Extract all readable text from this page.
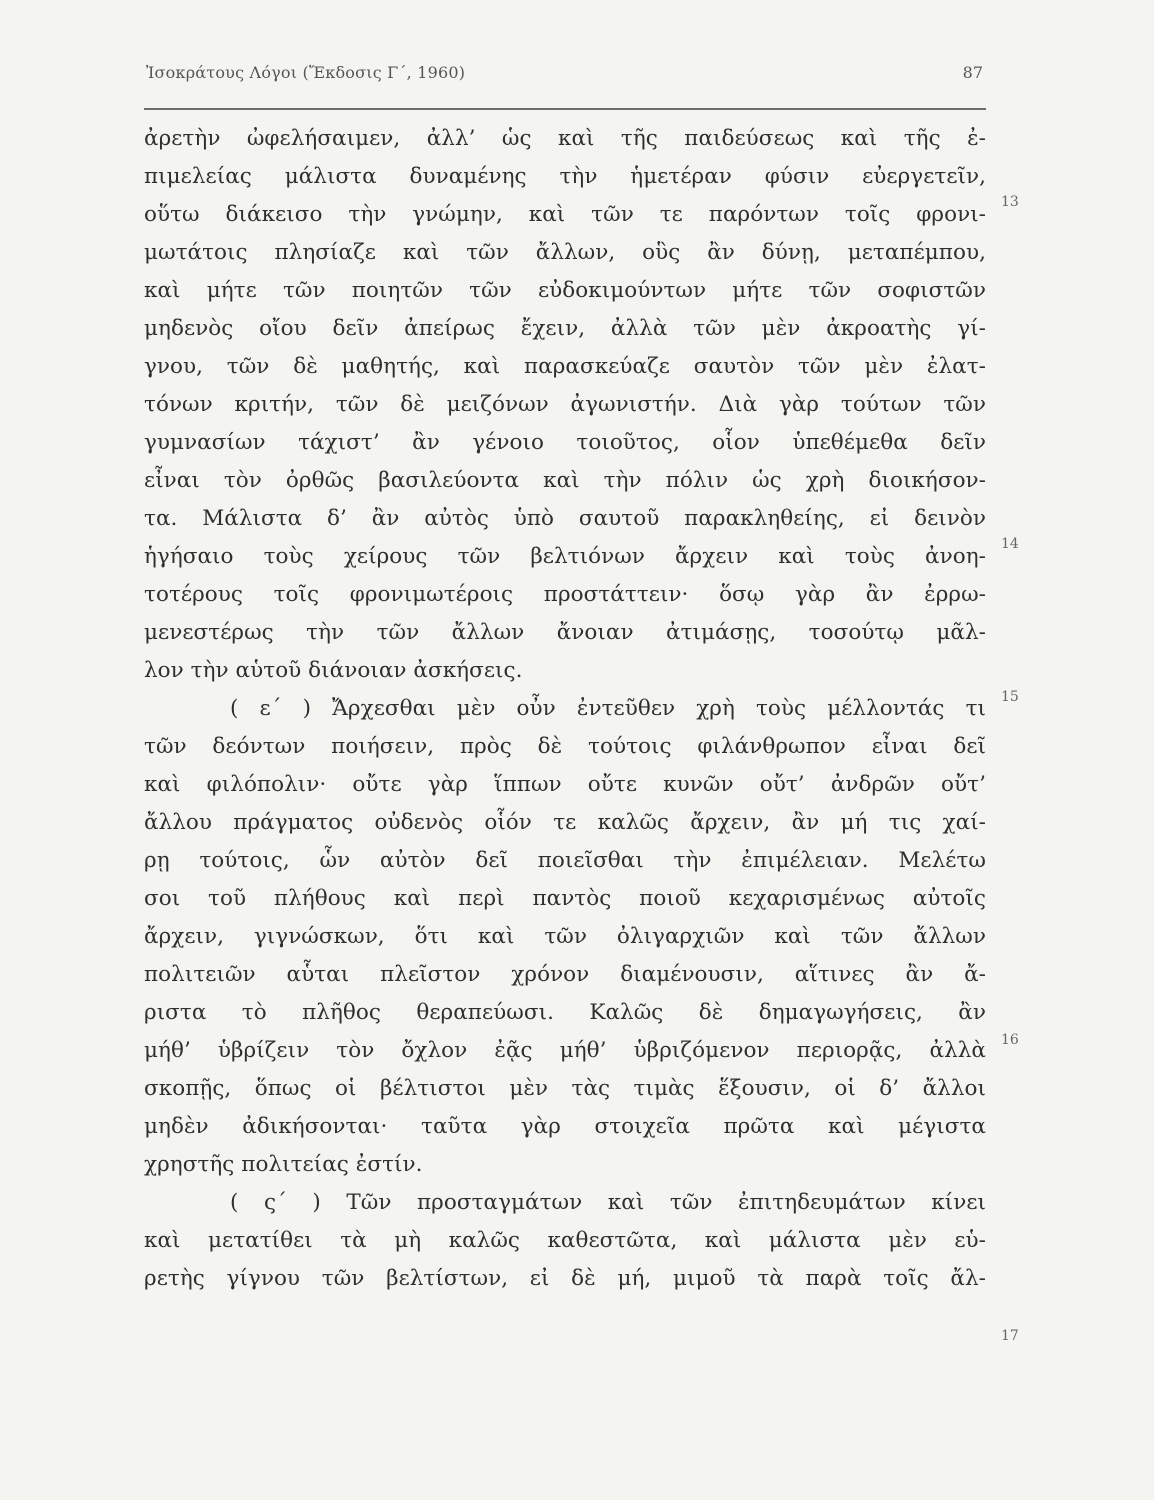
Ἰσοκράτους Λόγοι (Ἔκδοσις Γ΄, 1960)	87
ἀρετὴν ὠφελήσαιμεν, ἀλλ’ ὡς καὶ τῆς παιδεύσεως καὶ τῆς ἐ-
πιμελείας μάλιστα δυναμένης τὴν ἡμετέραν φύσιν εὐεργετεῖν,
οὕτω διάκεισο τὴν γνώμην, καὶ τῶν τε παρόντων τοῖς φρονι-
μωτάτοις πλησίαζε καὶ τῶν ἄλλων, οὓς ἂν δύνῃ, μεταπέμπου,
καὶ μήτε τῶν ποιητῶν τῶν εὐδοκιμούντων μήτε τῶν σοφιστῶν
μηδενὸς οἴου δεῖν ἀπείρως ἔχειν, ἀλλὰ τῶν μὲν ἀκροατὴς γί-
γνου, τῶν δὲ μαθητής, καὶ παρασκεύαζε σαυτὸν τῶν μὲν ἐλατ-
τόνων κριτήν, τῶν δὲ μειζόνων ἀγωνιστήν. Διὰ γὰρ τούτων τῶν
γυμνασίων τάχιστ’ ἂν γένοιο τοιοῦτος, οἷον ὑπεθέμεθα δεῖν
εἶναι τὸν ὀρθῶς βασιλεύοντα καὶ τὴν πόλιν ὡς χρὴ διοικήσον-
τα. Μάλιστα δ’ ἂν αὐτὸς ὑπὸ σαυτοῦ παρακληθείης, εἰ δεινὸν
ἡγήσαιο τοὺς χείρους τῶν βελτιόνων ἄρχειν καὶ τοὺς ἀνοη-
τοτέρους τοῖς φρονιμωτέροις προστάττειν· ὅσῳ γὰρ ἂν ἐρρω-
μενεστέρως τὴν τῶν ἄλλων ἄνοιαν ἀτιμάσῃς, τοσούτῳ μᾶλ-
λον τὴν αὑτοῦ διάνοιαν ἀσκήσεις.
( ε΄ ) Ἄρχεσθαι μὲν οὖν ἐντεῦθεν χρὴ τοὺς μέλλοντάς τι
τῶν δεόντων ποιήσειν, πρὸς δὲ τούτοις φιλάνθρωπον εἶναι δεῖ
καὶ φιλόπολιν· οὔτε γὰρ ἵππων οὔτε κυνῶν οὔτ’ ἀνδρῶν οὔτ’
ἄλλου πράγματος οὐδενὸς οἷόν τε καλῶς ἄρχειν, ἂν μή τις χαί-
ρῃ τούτοις, ὧν αὐτὸν δεῖ ποιεῖσθαι τὴν ἐπιμέλειαν. Μελέτω
σοι τοῦ πλήθους καὶ περὶ παντὸς ποιοῦ κεχαρισμένως αὐτοῖς
ἄρχειν, γιγνώσκων, ὅτι καὶ τῶν ὀλιγαρχιῶν καὶ τῶν ἄλλων
πολιτειῶν αὗται πλεῖστον χρόνον διαμένουσιν, αἵτινες ἂν ἄ-
ριστα τὸ πλῆθος θεραπεύωσι. Καλῶς δὲ δημαγωγήσεις, ἂν
μήθ’ ὑβρίζειν τὸν ὄχλον ἐᾷς μήθ’ ὑβριζόμενον περιορᾷς, ἀλλὰ
σκοπῇς, ὅπως οἱ βέλτιστοι μὲν τὰς τιμὰς ἕξουσιν, οἱ δ’ ἄλλοι
μηδὲν ἀδικήσονται· ταῦτα γὰρ στοιχεῖα πρῶτα καὶ μέγιστα
χρηστῆς πολιτείας ἐστίν.
( ς΄ ) Τῶν προσταγμάτων καὶ τῶν ἐπιτηδευμάτων κίνει
καὶ μετατίθει τὰ μὴ καλῶς καθεστῶτα, καὶ μάλιστα μὲν εὑ-
ρετὴς γίγνου τῶν βελτίστων, εἰ δὲ μή, μιμοῦ τὰ παρὰ τοῖς ἄλ-
13
14
15
16
17
